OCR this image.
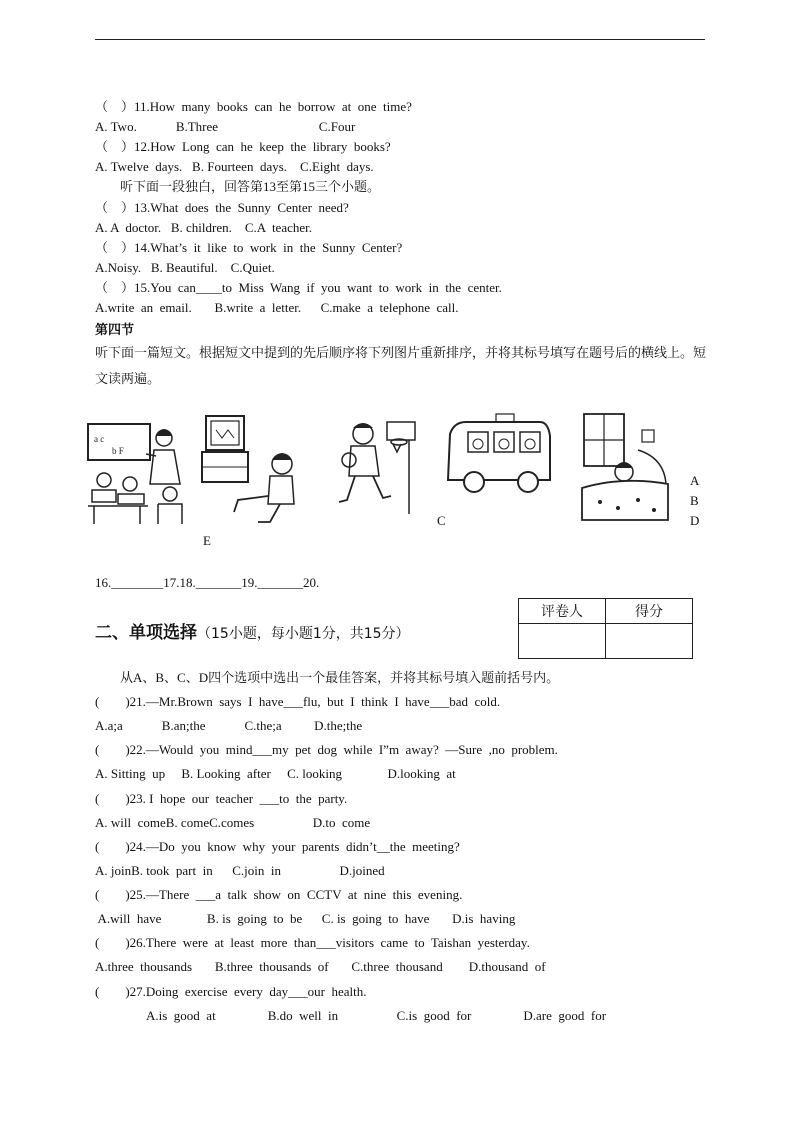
（    ）11.How  many  books  can  he  borrow  at  one  time?
A. Two.            B.Three                               C.Four
（    ）12.How  Long  can  he  keep  the  library  books?
A. Twelve  days.   B. Fourteen  days.    C.Eight  days.
（    ）13.What  does  the  Sunny  Center  need?
A. A  doctor.   B. children.    C.A  teacher.
（    ）14.What’s  it  like  to  work  in  the  Sunny  Center?
A.Noisy.   B. Beautiful.    C.Quiet.
（    ）15.You  can____to  Miss  Wang  if  you  want  to  work  in  the  center.
A.write  an  email.       B.write  a  letter.      C.make  a  telephone  call.
听下面一段独白，回答第13至第15三个小题。
第四节
听下面一篇短文。根据短文中提到的先后顺序将下列图片重新排序，并将其标号填写在题号后的横线上。短文读两遍。
a c
b F
E
C
A
B
D
16.________17.18._______19._______20.
二、单项选择（15小题，每小题1分，共15分）
评卷人	得分

从A、B、C、D四个选项中选出一个最佳答案，并将其标号填入题前括号内。
(        )21.—Mr.Brown  says  I  have___flu,  but  I  think  I  have___bad  cold.
A.a;a            B.an;the            C.the;a          D.the;the
(        )22.—Would  you  mind___my  pet  dog  while  I”m  away?  —Sure  ,no  problem.
A. Sitting  up     B. Looking  after     C. looking              D.looking  at
(        )23. I  hope  our  teacher  ___to  the  party.
A. will  comeB. comeC.comes                  D.to  come
(        )24.—Do  you  know  why  your  parents  didn’t__the  meeting?
A. joinB. took  part  in      C.join  in                  D.joined
(        )25.—There  ___a  talk  show  on  CCTV  at  nine  this  evening.
A.will  have              B. is  going  to  be      C. is  going  to  have       D.is  having
(        )26.There  were  at  least  more  than___visitors  came  to  Taishan  yesterday.
A.three  thousands       B.three  thousands  of       C.three  thousand        D.thousand  of
(        )27.Doing  exercise  every  day___our  health.
A.is  good  at                B.do  well  in                  C.is  good  for                D.are  good  for
